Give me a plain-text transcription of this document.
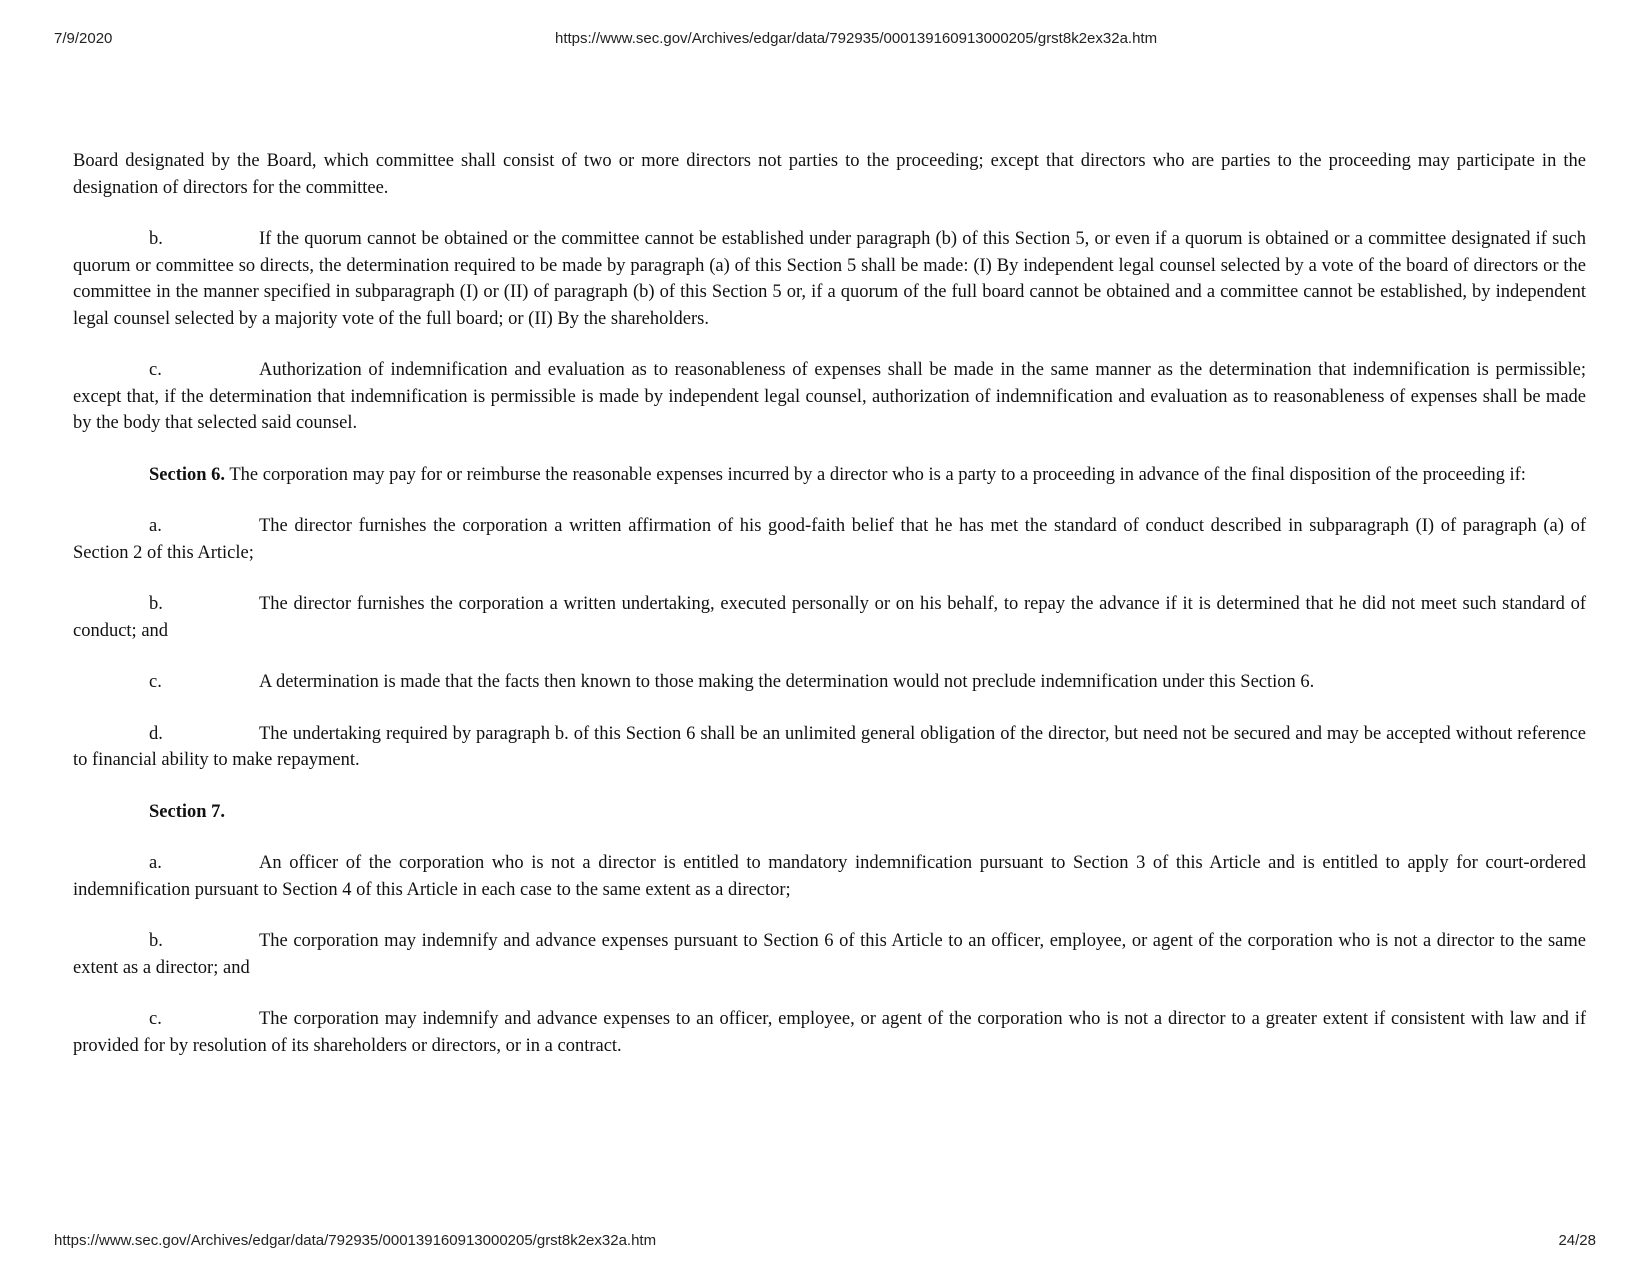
7/9/2020	https://www.sec.gov/Archives/edgar/data/792935/000139160913000205/grst8k2ex32a.htm

Board designated by the Board, which committee shall consist of two or more directors not parties to the proceeding; except that directors who are parties to the proceeding may participate in the designation of directors for the committee.

b.	If the quorum cannot be obtained or the committee cannot be established under paragraph (b) of this Section 5, or even if a quorum is obtained or a committee designated if such quorum or committee so directs, the determination required to be made by paragraph (a) of this Section 5 shall be made: (I) By independent legal counsel selected by a vote of the board of directors or the committee in the manner specified in subparagraph (I) or (II) of paragraph (b) of this Section 5 or, if a quorum of the full board cannot be obtained and a committee cannot be established, by independent legal counsel selected by a majority vote of the full board; or (II) By the shareholders.

c.	Authorization of indemnification and evaluation as to reasonableness of expenses shall be made in the same manner as the determination that indemnification is permissible; except that, if the determination that indemnification is permissible is made by independent legal counsel, authorization of indemnification and evaluation as to reasonableness of expenses shall be made by the body that selected said counsel.

Section 6. The corporation may pay for or reimburse the reasonable expenses incurred by a director who is a party to a proceeding in advance of the final disposition of the proceeding if:

a.	The director furnishes the corporation a written affirmation of his good-faith belief that he has met the standard of conduct described in subparagraph (I) of paragraph (a) of Section 2 of this Article;

b.	The director furnishes the corporation a written undertaking, executed personally or on his behalf, to repay the advance if it is determined that he did not meet such standard of conduct; and

c.	A determination is made that the facts then known to those making the determination would not preclude indemnification under this Section 6.

d.	The undertaking required by paragraph b. of this Section 6 shall be an unlimited general obligation of the director, but need not be secured and may be accepted without reference to financial ability to make repayment.

Section 7.

a.	An officer of the corporation who is not a director is entitled to mandatory indemnification pursuant to Section 3 of this Article and is entitled to apply for court-ordered indemnification pursuant to Section 4 of this Article in each case to the same extent as a director;

b.	The corporation may indemnify and advance expenses pursuant to Section 6 of this Article to an officer, employee, or agent of the corporation who is not a director to the same extent as a director; and

c.	The corporation may indemnify and advance expenses to an officer, employee, or agent of the corporation who is not a director to a greater extent if consistent with law and if provided for by resolution of its shareholders or directors, or in a contract.

https://www.sec.gov/Archives/edgar/data/792935/000139160913000205/grst8k2ex32a.htm	24/28
